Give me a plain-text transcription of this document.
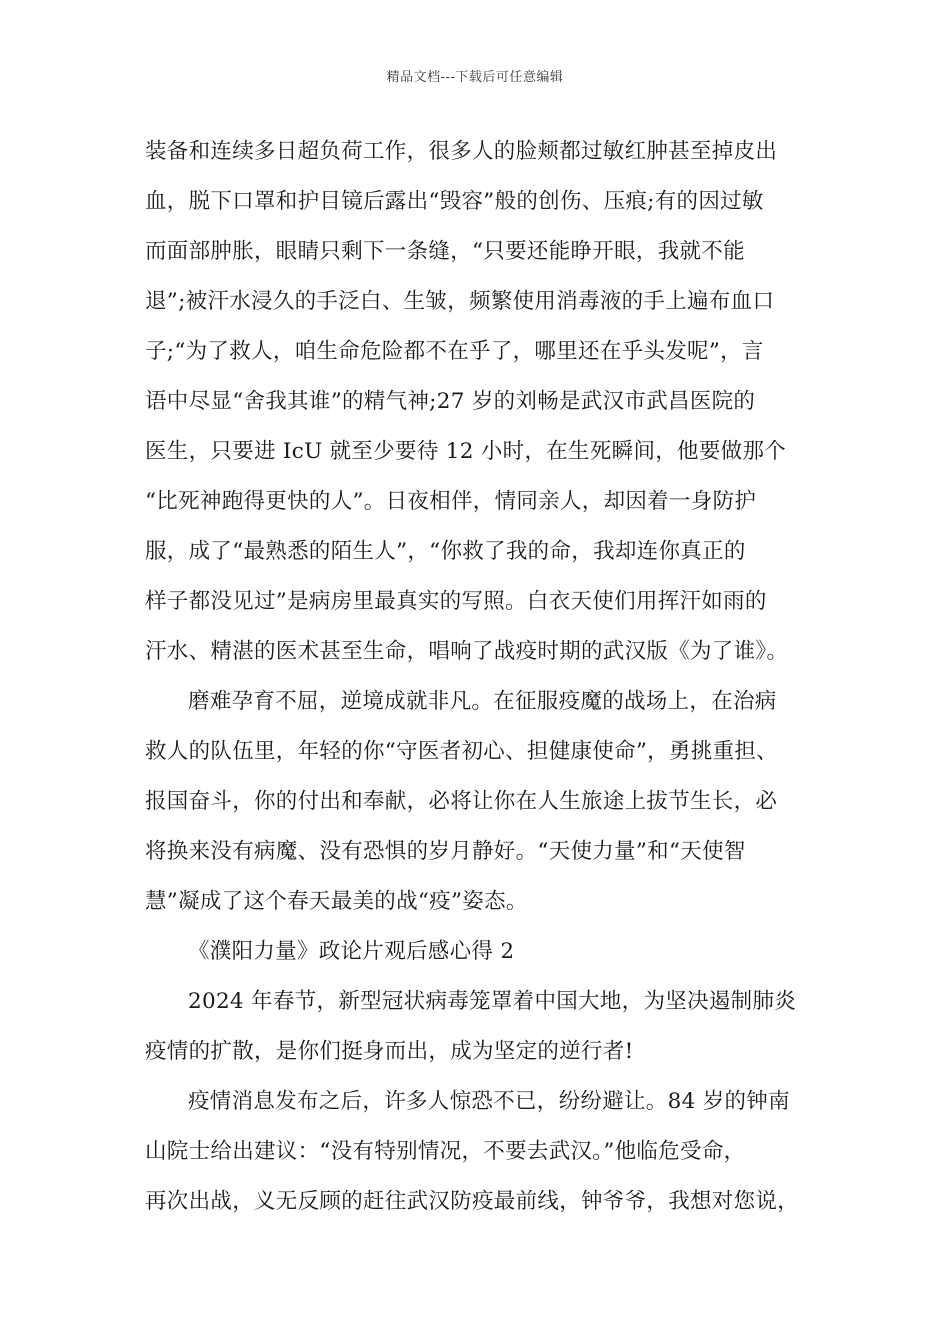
精品文档---下载后可任意编辑
装备和连续多日超负荷工作，很多人的脸颊都过敏红肿甚至掉皮出
血，脱下口罩和护目镜后露出“毁容”般的创伤、压痕;有的因过敏
而面部肿胀，眼睛只剩下一条缝，“只要还能睁开眼，我就不能
退”;被汗水浸久的手泛白、生皱，频繁使用消毒液的手上遍布血口
子;“为了救人，咱生命危险都不在乎了，哪里还在乎头发呢”，言
语中尽显“舍我其谁”的精气神;27 岁的刘畅是武汉市武昌医院的
医生，只要进 IcU 就至少要待 12 小时，在生死瞬间，他要做那个
“比死神跑得更快的人”。日夜相伴，情同亲人，却因着一身防护
服，成了“最熟悉的陌生人”，“你救了我的命，我却连你真正的
样子都没见过”是病房里最真实的写照。白衣天使们用挥汗如雨的
汗水、精湛的医术甚至生命，唱响了战疫时期的武汉版《为了谁》。
磨难孕育不屈，逆境成就非凡。在征服疫魔的战场上，在治病
救人的队伍里，年轻的你“守医者初心、担健康使命”，勇挑重担、
报国奋斗，你的付出和奉献，必将让你在人生旅途上拔节生长，必
将换来没有病魔、没有恐惧的岁月静好。“天使力量”和“天使智
慧”凝成了这个春天最美的战“疫”姿态。
《濮阳力量》政论片观后感心得 2
2024 年春节，新型冠状病毒笼罩着中国大地，为坚决遏制肺炎
疫情的扩散，是你们挺身而出，成为坚定的逆行者!
疫情消息发布之后，许多人惊恐不已，纷纷避让。84 岁的钟南
山院士给出建议：“没有特别情况，不要去武汉。”他临危受命，
再次出战，义无反顾的赶往武汉防疫最前线，钟爷爷，我想对您说，
